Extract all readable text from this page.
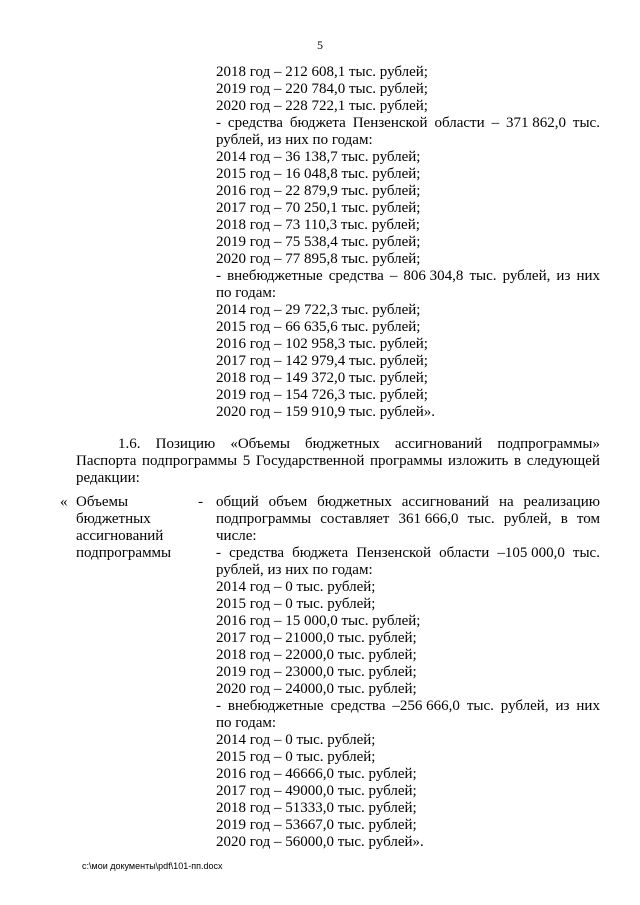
5
2018 год – 212 608,1 тыс. рублей;
2019 год – 220 784,0 тыс. рублей;
2020 год – 228 722,1 тыс. рублей;
- средства бюджета Пензенской области – 371 862,0 тыс.
рублей, из них по годам:
2014 год – 36 138,7 тыс. рублей;
2015 год – 16 048,8 тыс. рублей;
2016 год – 22 879,9 тыс. рублей;
2017 год – 70 250,1 тыс. рублей;
2018 год – 73 110,3 тыс. рублей;
2019 год – 75 538,4 тыс. рублей;
2020 год – 77 895,8 тыс. рублей;
- внебюджетные средства – 806 304,8 тыс. рублей, из них
по годам:
2014 год – 29 722,3 тыс. рублей;
2015 год – 66 635,6 тыс. рублей;
2016 год – 102 958,3 тыс. рублей;
2017 год – 142 979,4 тыс. рублей;
2018 год – 149 372,0 тыс. рублей;
2019 год – 154 726,3 тыс. рублей;
2020 год – 159 910,9 тыс. рублей».
1.6. Позицию «Объемы бюджетных ассигнований подпрограммы»
Паспорта подпрограммы 5 Государственной программы изложить в следующей
редакции:
« Объемы
бюджетных
ассигнований
подпрограммы
- общий объем бюджетных ассигнований на реализацию
подпрограммы составляет 361 666,0 тыс. рублей, в том
числе:
- средства бюджета Пензенской области –105 000,0 тыс.
рублей, из них по годам:
2014 год – 0 тыс. рублей;
2015 год – 0 тыс. рублей;
2016 год – 15 000,0 тыс. рублей;
2017 год – 21000,0 тыс. рублей;
2018 год – 22000,0 тыс. рублей;
2019 год – 23000,0 тыс. рублей;
2020 год – 24000,0 тыс. рублей;
- внебюджетные средства –256 666,0 тыс. рублей, из них
по годам:
2014 год – 0 тыс. рублей;
2015 год – 0 тыс. рублей;
2016 год – 46666,0 тыс. рублей;
2017 год – 49000,0 тыс. рублей;
2018 год – 51333,0 тыс. рублей;
2019 год – 53667,0 тыс. рублей;
2020 год – 56000,0 тыс. рублей».
c:\мои документы\pdf\101-пп.docx
